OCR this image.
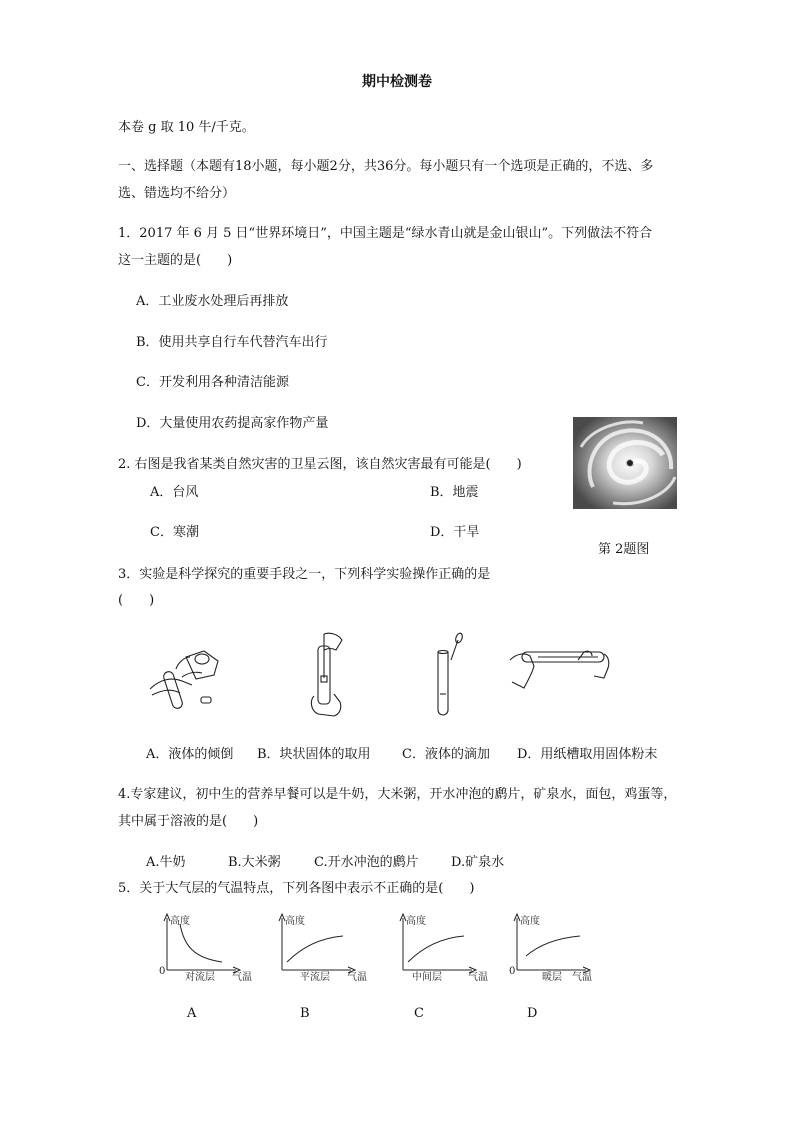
期中检测卷
本卷 g 取 10 牛/千克。
一、选择题（本题有18小题，每小题2分，共36分。每小题只有一个选项是正确的，不选、多
选、错选均不给分）
1．2017 年 6 月 5 日“世界环境日”，中国主题是“绿水青山就是金山银山”。下列做法不符合
这一主题的是(　　)
A．工业废水处理后再排放
B．使用共享自行车代替汽车出行
C．开发利用各种清洁能源
D．大量使用农药提高家作物产量
2. 右图是我省某类自然灾害的卫星云图，该自然灾害最有可能是(　　)
A．台风	B．地震
C．寒潮	D．干旱
第 2题图
3．实验是科学探究的重要手段之一，下列科学实验操作正确的是
(　　)
A．液体的倾倒 B．块状固体的取用 C．液体的滴加 D．用纸槽取用固体粉末
4.专家建议，初中生的营养早餐可以是牛奶，大米粥，开水冲泡的䴘片，矿泉水，面包，鸡蛋等，
其中属于溶液的是(　　)
A.牛奶	B.大米粥	C.开水冲泡的䴘片 D.矿泉水
5．关于大气层的气温特点，下列各图中表示不正确的是(　　)
高度
0
对流层 气温
高度
平流层 气温
高度
中间层	气温
高度
0
暖层 气温
A	B	C	D
